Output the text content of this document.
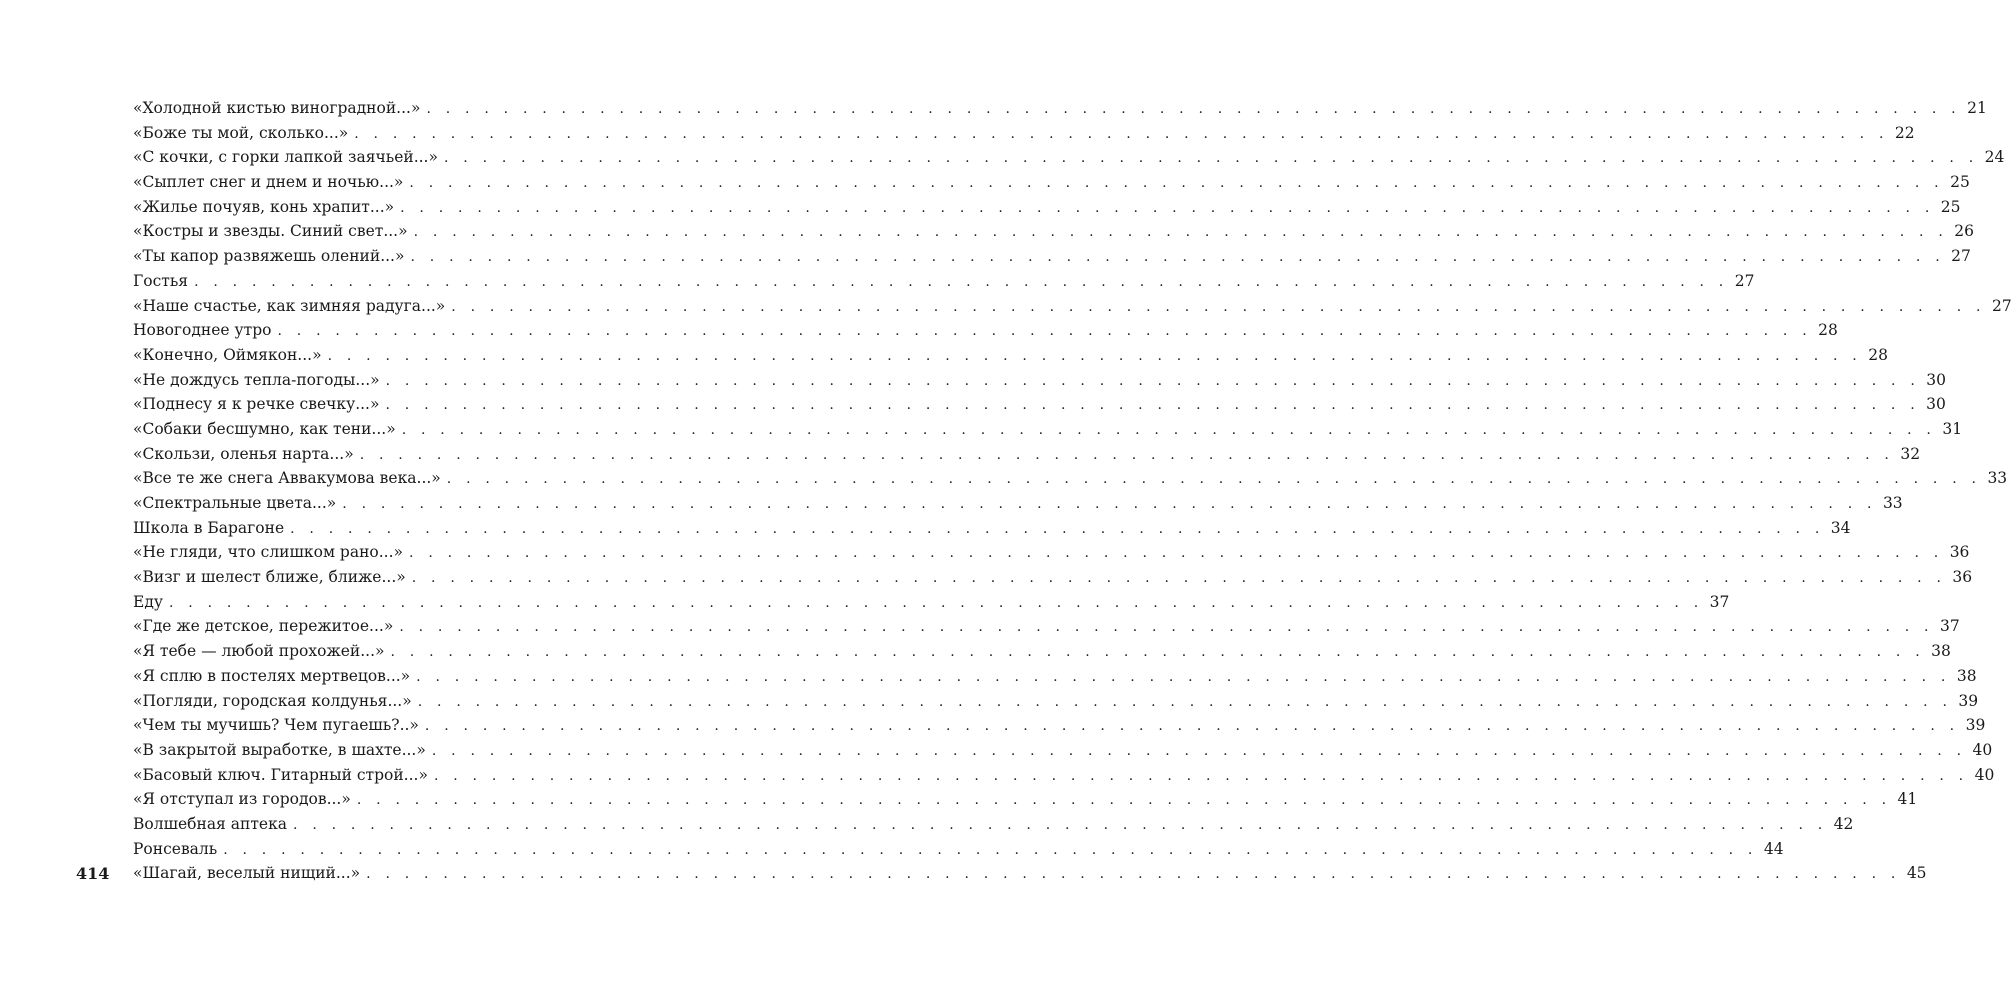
«Холодной кистью виноградной...» . . . . . . . . . . . . . . . . . . . . . . . . . . . . . . . . . . . . . . . . . . . . . . . . . . . . . . . . . . . . . . . . . . . . . . . . . . . . . . . . 21
«Боже ты мой, сколько...» . . . . . . . . . . . . . . . . . . . . . . . . . . . . . . . . . . . . . . . . . . . . . . . . . . . . . . . . . . . . . . . . . . . . . . . . . . . . . . . . 22
«С кочки, с горки лапкой заячьей...» . . . . . . . . . . . . . . . . . . . . . . . . . . . . . . . . . . . . . . . . . . . . . . . . . . . . . . . . . . . . . . . . . . . . . . . . . . . . . . . . 24
«Сыплет снег и днем и ночью...» . . . . . . . . . . . . . . . . . . . . . . . . . . . . . . . . . . . . . . . . . . . . . . . . . . . . . . . . . . . . . . . . . . . . . . . . . . . . . . . . 25
«Жилье почуяв, конь храпит...» . . . . . . . . . . . . . . . . . . . . . . . . . . . . . . . . . . . . . . . . . . . . . . . . . . . . . . . . . . . . . . . . . . . . . . . . . . . . . . . . 25
«Костры и звезды. Синий свет...» . . . . . . . . . . . . . . . . . . . . . . . . . . . . . . . . . . . . . . . . . . . . . . . . . . . . . . . . . . . . . . . . . . . . . . . . . . . . . . . . 26
«Ты капор развяжешь олений...» . . . . . . . . . . . . . . . . . . . . . . . . . . . . . . . . . . . . . . . . . . . . . . . . . . . . . . . . . . . . . . . . . . . . . . . . . . . . . . . . 27
Гостья . . . . . . . . . . . . . . . . . . . . . . . . . . . . . . . . . . . . . . . . . . . . . . . . . . . . . . . . . . . . . . . . . . . . . . . . . . . . . . . . 27
«Наше счастье, как зимняя радуга...» . . . . . . . . . . . . . . . . . . . . . . . . . . . . . . . . . . . . . . . . . . . . . . . . . . . . . . . . . . . . . . . . . . . . . . . . . . . . . . . . 27
Новогоднее утро . . . . . . . . . . . . . . . . . . . . . . . . . . . . . . . . . . . . . . . . . . . . . . . . . . . . . . . . . . . . . . . . . . . . . . . . . . . . . . . . 28
«Конечно, Оймякон...» . . . . . . . . . . . . . . . . . . . . . . . . . . . . . . . . . . . . . . . . . . . . . . . . . . . . . . . . . . . . . . . . . . . . . . . . . . . . . . . . 28
«Не дождусь тепла-погоды...» . . . . . . . . . . . . . . . . . . . . . . . . . . . . . . . . . . . . . . . . . . . . . . . . . . . . . . . . . . . . . . . . . . . . . . . . . . . . . . . . 30
«Поднесу я к речке свечку...» . . . . . . . . . . . . . . . . . . . . . . . . . . . . . . . . . . . . . . . . . . . . . . . . . . . . . . . . . . . . . . . . . . . . . . . . . . . . . . . . 30
«Собаки бесшумно, как тени...» . . . . . . . . . . . . . . . . . . . . . . . . . . . . . . . . . . . . . . . . . . . . . . . . . . . . . . . . . . . . . . . . . . . . . . . . . . . . . . . . 31
«Скользи, оленья нарта...» . . . . . . . . . . . . . . . . . . . . . . . . . . . . . . . . . . . . . . . . . . . . . . . . . . . . . . . . . . . . . . . . . . . . . . . . . . . . . . . . 32
«Все те же снега Аввакумова века...» . . . . . . . . . . . . . . . . . . . . . . . . . . . . . . . . . . . . . . . . . . . . . . . . . . . . . . . . . . . . . . . . . . . . . . . . . . . . . . . . 33
«Спектральные цвета...» . . . . . . . . . . . . . . . . . . . . . . . . . . . . . . . . . . . . . . . . . . . . . . . . . . . . . . . . . . . . . . . . . . . . . . . . . . . . . . . . 33
Школа в Барагоне . . . . . . . . . . . . . . . . . . . . . . . . . . . . . . . . . . . . . . . . . . . . . . . . . . . . . . . . . . . . . . . . . . . . . . . . . . . . . . . . 34
«Не гляди, что слишком рано...» . . . . . . . . . . . . . . . . . . . . . . . . . . . . . . . . . . . . . . . . . . . . . . . . . . . . . . . . . . . . . . . . . . . . . . . . . . . . . . . . 36
«Визг и шелест ближе, ближе...» . . . . . . . . . . . . . . . . . . . . . . . . . . . . . . . . . . . . . . . . . . . . . . . . . . . . . . . . . . . . . . . . . . . . . . . . . . . . . . . . 36
Еду . . . . . . . . . . . . . . . . . . . . . . . . . . . . . . . . . . . . . . . . . . . . . . . . . . . . . . . . . . . . . . . . . . . . . . . . . . . . . . . . 37
«Где же детское, пережитое...» . . . . . . . . . . . . . . . . . . . . . . . . . . . . . . . . . . . . . . . . . . . . . . . . . . . . . . . . . . . . . . . . . . . . . . . . . . . . . . . . 37
«Я тебе — любой прохожей...» . . . . . . . . . . . . . . . . . . . . . . . . . . . . . . . . . . . . . . . . . . . . . . . . . . . . . . . . . . . . . . . . . . . . . . . . . . . . . . . . 38
«Я сплю в постелях мертвецов...» . . . . . . . . . . . . . . . . . . . . . . . . . . . . . . . . . . . . . . . . . . . . . . . . . . . . . . . . . . . . . . . . . . . . . . . . . . . . . . . . 38
«Погляди, городская колдунья...» . . . . . . . . . . . . . . . . . . . . . . . . . . . . . . . . . . . . . . . . . . . . . . . . . . . . . . . . . . . . . . . . . . . . . . . . . . . . . . . . 39
«Чем ты мучишь? Чем пугаешь?..» . . . . . . . . . . . . . . . . . . . . . . . . . . . . . . . . . . . . . . . . . . . . . . . . . . . . . . . . . . . . . . . . . . . . . . . . . . . . . . . . 39
«В закрытой выработке, в шахте...» . . . . . . . . . . . . . . . . . . . . . . . . . . . . . . . . . . . . . . . . . . . . . . . . . . . . . . . . . . . . . . . . . . . . . . . . . . . . . . . . 40
«Басовый ключ. Гитарный строй...» . . . . . . . . . . . . . . . . . . . . . . . . . . . . . . . . . . . . . . . . . . . . . . . . . . . . . . . . . . . . . . . . . . . . . . . . . . . . . . . . 40
«Я отступал из городов...» . . . . . . . . . . . . . . . . . . . . . . . . . . . . . . . . . . . . . . . . . . . . . . . . . . . . . . . . . . . . . . . . . . . . . . . . . . . . . . . . 41
Волшебная аптека . . . . . . . . . . . . . . . . . . . . . . . . . . . . . . . . . . . . . . . . . . . . . . . . . . . . . . . . . . . . . . . . . . . . . . . . . . . . . . . . 42
Ронсеваль . . . . . . . . . . . . . . . . . . . . . . . . . . . . . . . . . . . . . . . . . . . . . . . . . . . . . . . . . . . . . . . . . . . . . . . . . . . . . . . . 44
«Шагай, веселый нищий...» . . . . . . . . . . . . . . . . . . . . . . . . . . . . . . . . . . . . . . . . . . . . . . . . . . . . . . . . . . . . . . . . . . . . . . . . . . . . . . . . 45
414
